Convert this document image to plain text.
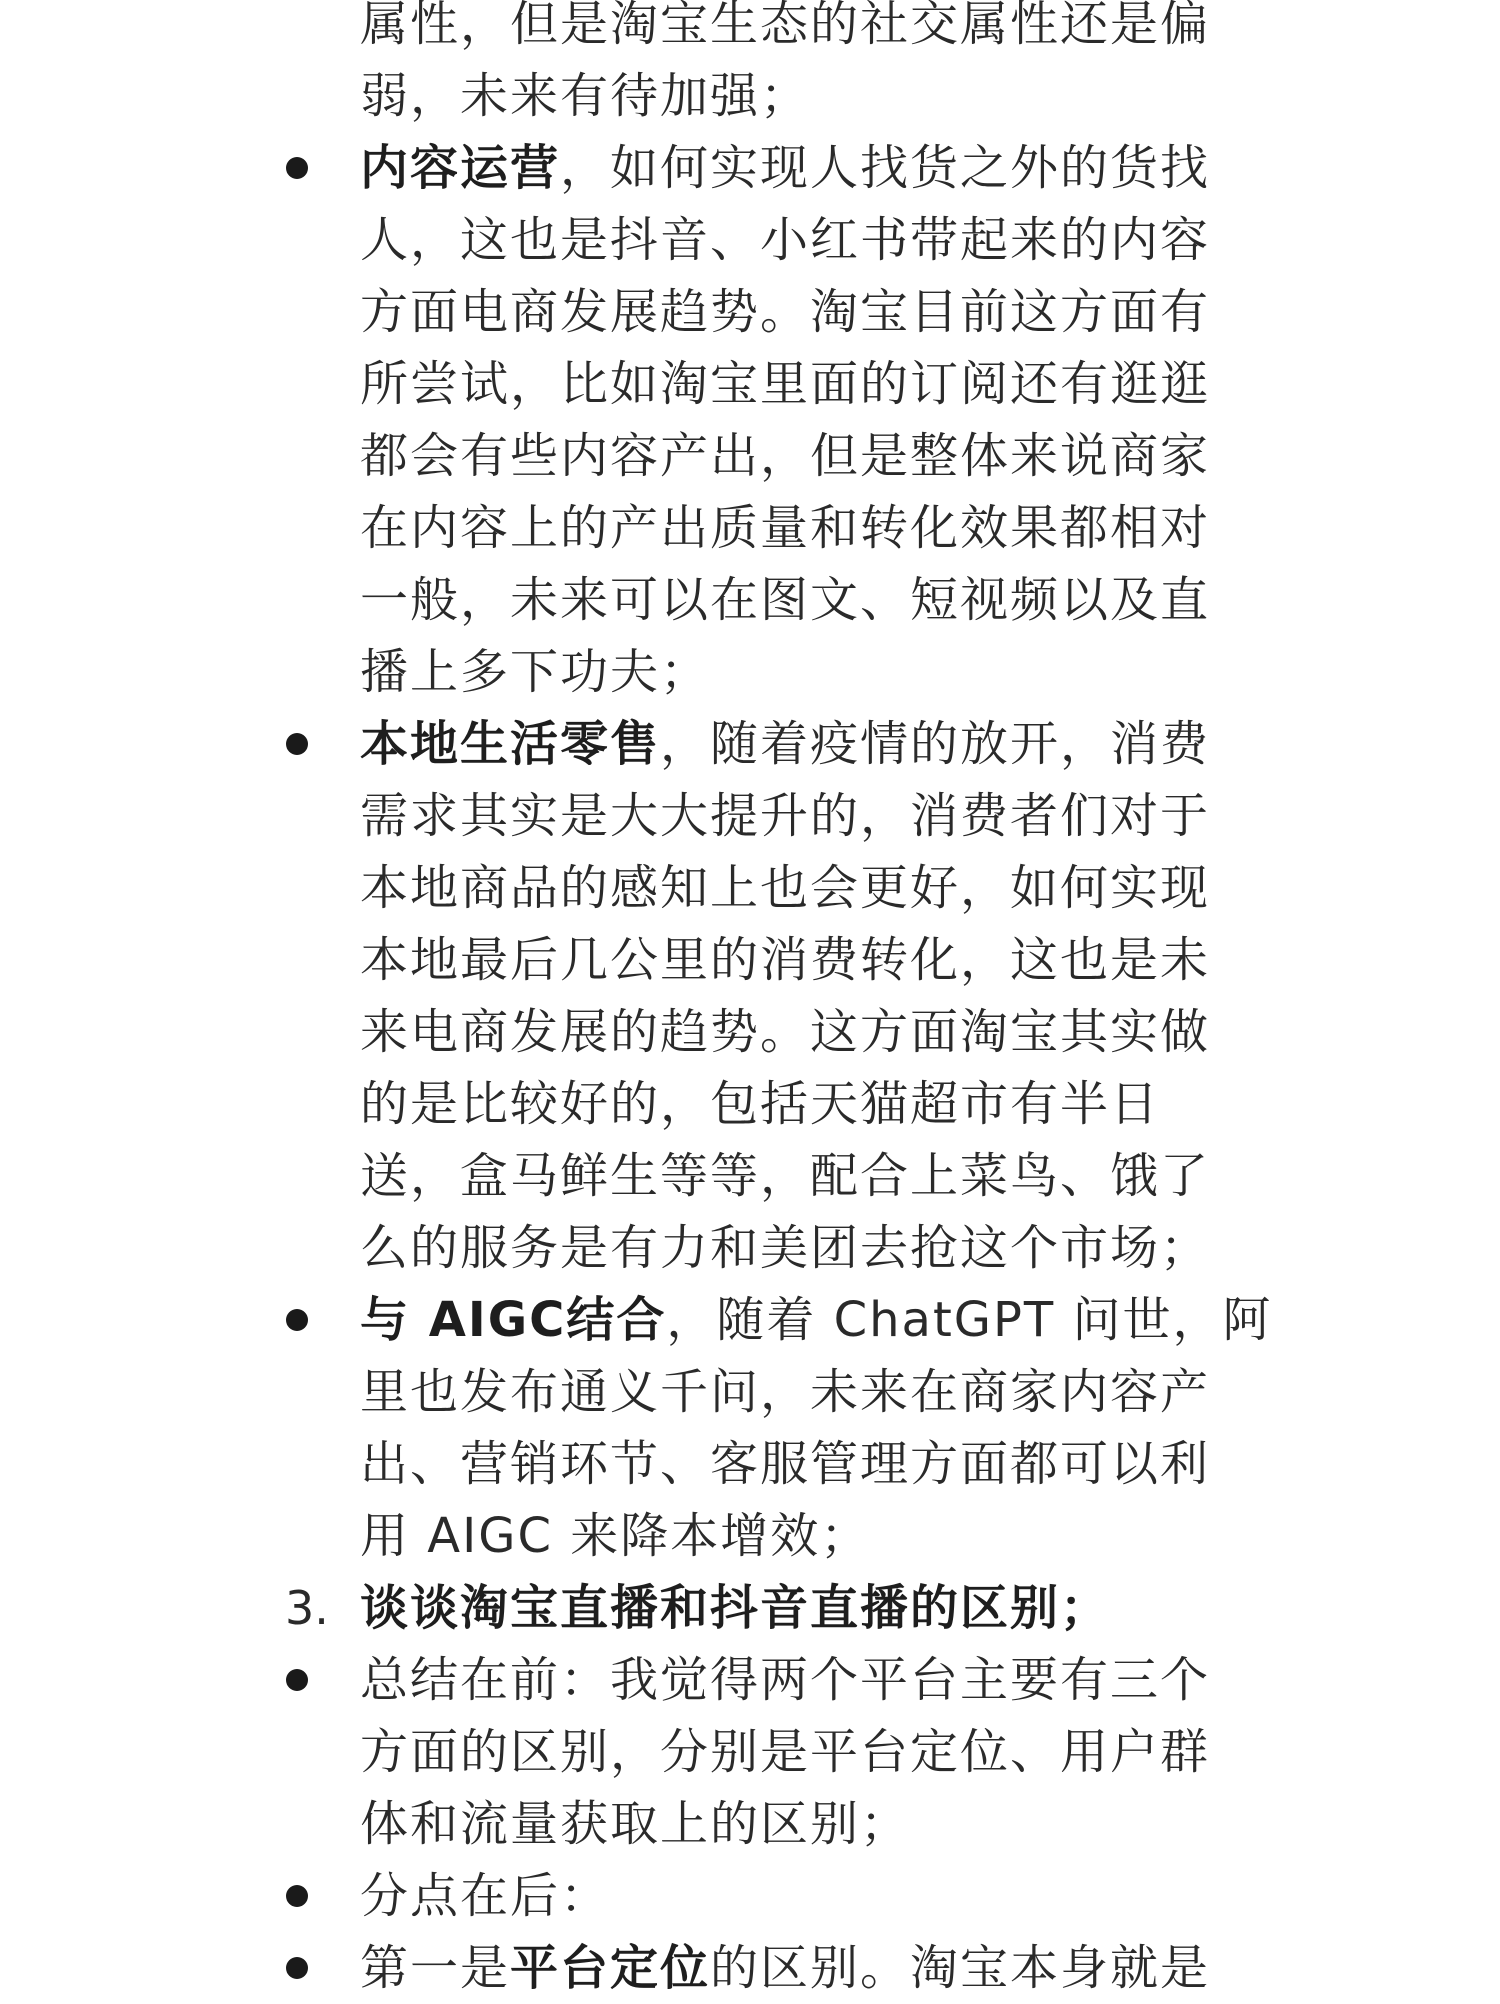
属性，但是淘宝生态的社交属性还是偏
弱，未来有待加强；
内容运营，如何实现人找货之外的货找
人，这也是抖音、小红书带起来的内容
方面电商发展趋势。淘宝目前这方面有
所尝试，比如淘宝里面的订阅还有逛逛
都会有些内容产出，但是整体来说商家
在内容上的产出质量和转化效果都相对
一般，未来可以在图文、短视频以及直
播上多下功夫；
本地生活零售，随着疫情的放开，消费
需求其实是大大提升的，消费者们对于
本地商品的感知上也会更好，如何实现
本地最后几公里的消费转化，这也是未
来电商发展的趋势。这方面淘宝其实做
的是比较好的，包括天猫超市有半日
送，盒马鲜生等等，配合上菜鸟、饿了
么的服务是有力和美团去抢这个市场；
与 AIGC结合，随着 ChatGPT 问世，阿
里也发布通义千问，未来在商家内容产
出、营销环节、客服管理方面都可以利
用 AIGC 来降本增效；
3. 谈谈淘宝直播和抖音直播的区别；
总结在前：我觉得两个平台主要有三个
方面的区别，分别是平台定位、用户群
体和流量获取上的区别；
分点在后：
第一是平台定位的区别。淘宝本身就是
